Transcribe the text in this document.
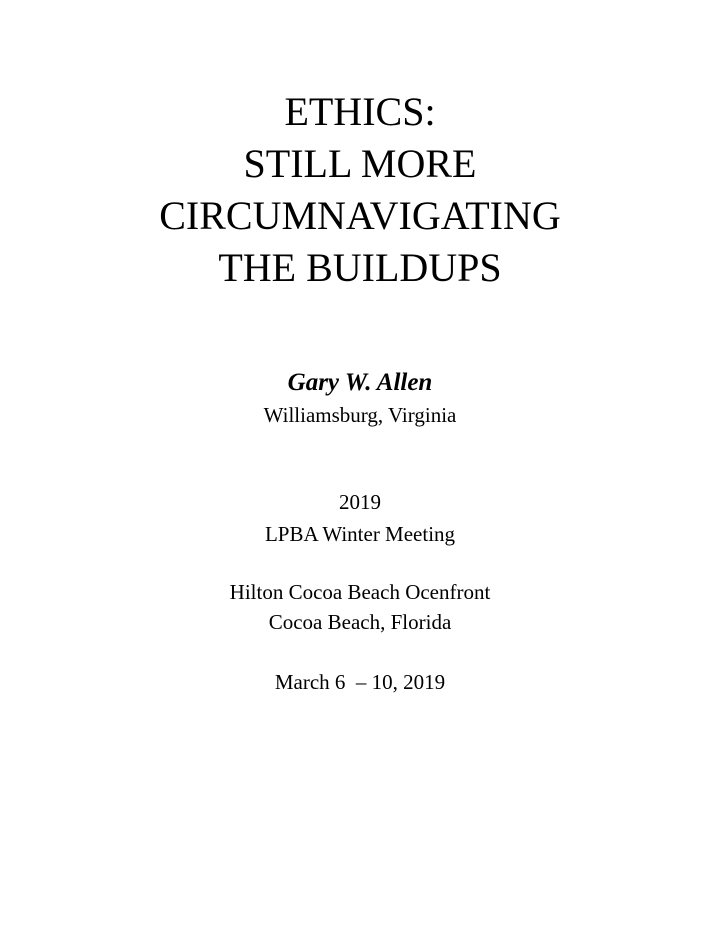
ETHICS:

STILL MORE

CIRCUMNAVIGATING

THE BUILDUPS

Gary W. Allen

Williamsburg, Virginia

2019

LPBA Winter Meeting

Hilton Cocoa Beach Ocenfront

Cocoa Beach, Florida

March 6  – 10, 2019
